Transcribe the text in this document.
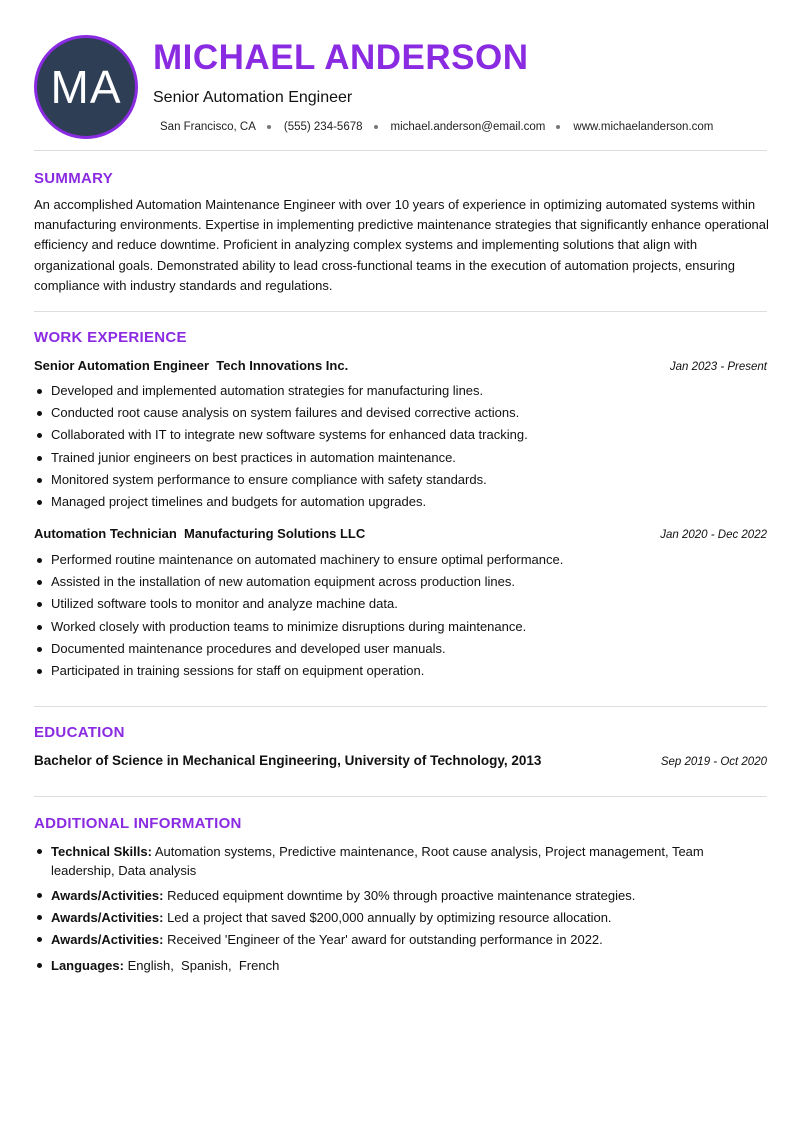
MA
MICHAEL ANDERSON
Senior Automation Engineer
San Francisco, CA (555) 234-5678 michael.anderson@email.com www.michaelanderson.com
SUMMARY

An accomplished Automation Maintenance Engineer with over 10 years of experience in optimizing automated systems within manufacturing environments. Expertise in implementing predictive maintenance strategies that significantly enhance operational efficiency and reduce downtime. Proficient in analyzing complex systems and implementing solutions that align with organizational goals. Demonstrated ability to lead cross-functional teams in the execution of automation projects, ensuring compliance with industry standards and regulations.

WORK EXPERIENCE
Senior Automation Engineer  Tech Innovations Inc.	Jan 2023 - Present
Developed and implemented automation strategies for manufacturing lines.
Conducted root cause analysis on system failures and devised corrective actions.
Collaborated with IT to integrate new software systems for enhanced data tracking.
Trained junior engineers on best practices in automation maintenance.
Monitored system performance to ensure compliance with safety standards.
Managed project timelines and budgets for automation upgrades.
Automation Technician  Manufacturing Solutions LLC	Jan 2020 - Dec 2022
Performed routine maintenance on automated machinery to ensure optimal performance.
Assisted in the installation of new automation equipment across production lines.
Utilized software tools to monitor and analyze machine data.
Worked closely with production teams to minimize disruptions during maintenance.
Documented maintenance procedures and developed user manuals.
Participated in training sessions for staff on equipment operation.
EDUCATION
Bachelor of Science in Mechanical Engineering, University of Technology, 2013	Sep 2019 - Oct 2020
ADDITIONAL INFORMATION
Technical Skills: Automation systems, Predictive maintenance, Root cause analysis, Project management, Team leadership, Data analysis
Awards/Activities: Reduced equipment downtime by 30% through proactive maintenance strategies.
Awards/Activities: Led a project that saved $200,000 annually by optimizing resource allocation.
Awards/Activities: Received 'Engineer of the Year' award for outstanding performance in 2022.
Languages: English,  Spanish,  French
